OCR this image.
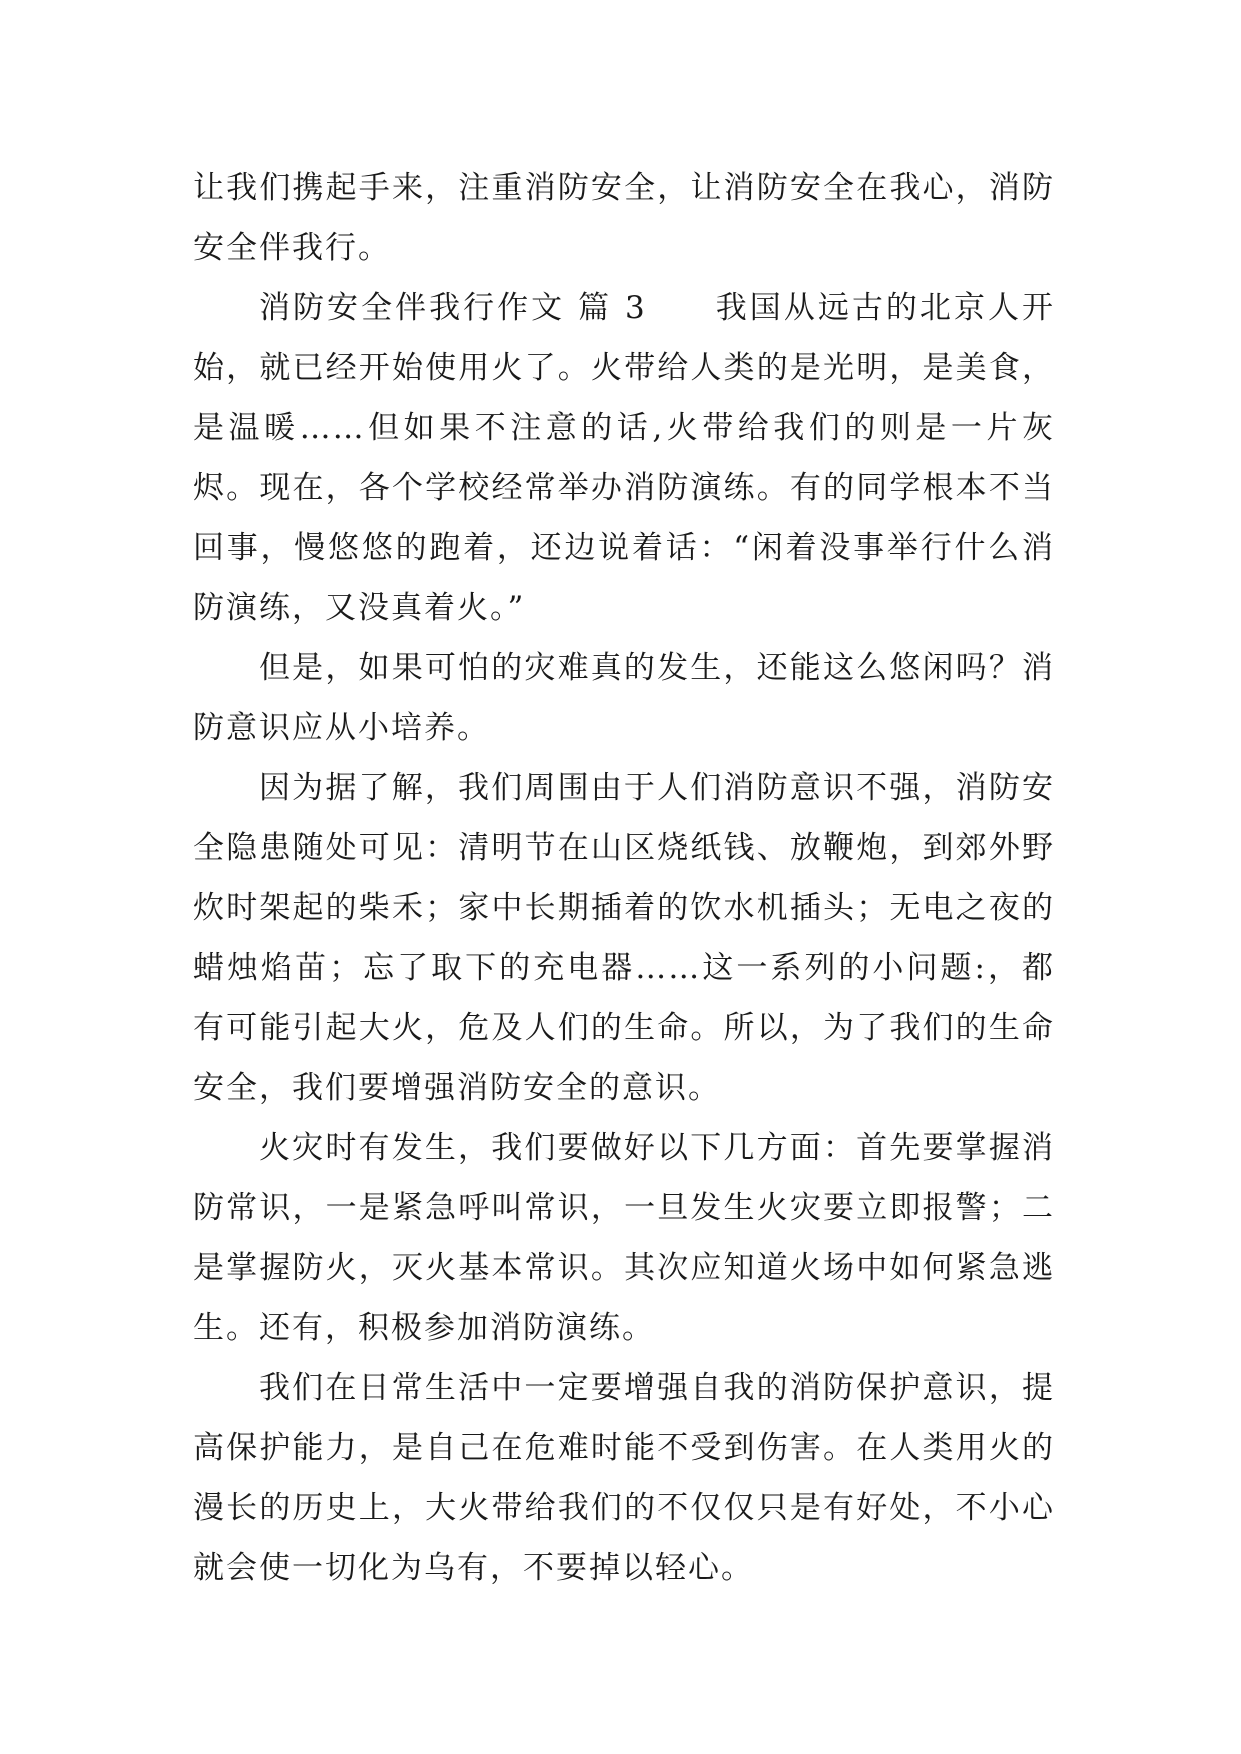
让我们携起手来，注重消防安全，让消防安全在我心，消防安全伴我行。

消防安全伴我行作文 篇 3　　我国从远古的北京人开始，就已经开始使用火了。火带给人类的是光明，是美食，是温暖……但如果不注意的话,火带给我们的则是一片灰烬。现在，各个学校经常举办消防演练。有的同学根本不当回事，慢悠悠的跑着，还边说着话：“闲着没事举行什么消防演练，又没真着火。”

但是，如果可怕的灾难真的发生，还能这么悠闲吗？消防意识应从小培养。

因为据了解，我们周围由于人们消防意识不强，消防安全隐患随处可见：清明节在山区烧纸钱、放鞭炮，到郊外野炊时架起的柴禾；家中长期插着的饮水机插头；无电之夜的蜡烛焰苗；忘了取下的充电器……这一系列的小问题:，都有可能引起大火，危及人们的生命。所以，为了我们的生命安全，我们要增强消防安全的意识。

火灾时有发生，我们要做好以下几方面：首先要掌握消防常识，一是紧急呼叫常识，一旦发生火灾要立即报警；二是掌握防火，灭火基本常识。其次应知道火场中如何紧急逃生。还有，积极参加消防演练。

我们在日常生活中一定要增强自我的消防保护意识，提高保护能力，是自己在危难时能不受到伤害。在人类用火的漫长的历史上，大火带给我们的不仅仅只是有好处，不小心就会使一切化为乌有，不要掉以轻心。
